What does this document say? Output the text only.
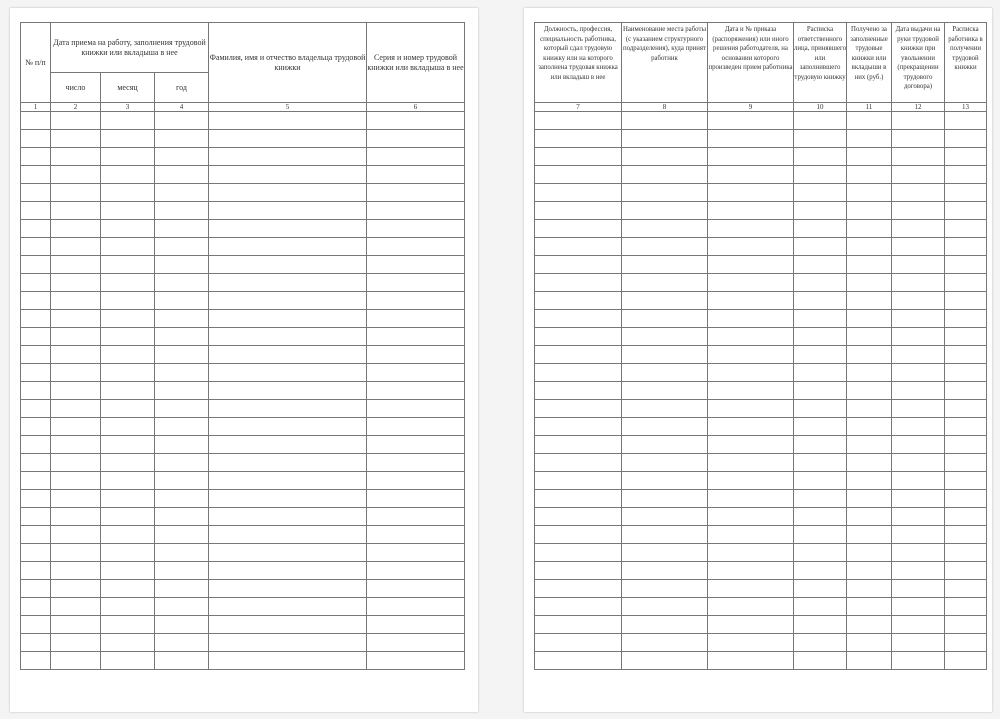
№ п/п	Дата приема на работу, заполнения трудовой книжки или вкладыша в нее			Фамилия, имя и отчество владельца трудовой книжки	Серия и номер трудовой книжки или вкладыша в нее
	число	месяц	год		
1	2	3	4	5	6

Должность, профессия, специальность работника, который сдал трудовую книжку или на которого заполнена трудовая книжка или вкладыш в нее	Наименование места работы (с указанием структурного подразделения), куда принят работник	Дата и № приказа (распоряжения) или иного решения работодателя, на основании которого произведен прием работника	Расписка ответственного лица, принявшего или заполнившего трудовую книжку	Получено за заполненные трудовые книжки или вкладыши в них (руб.)	Дата выдачи на руки трудовой книжки при увольнении (прекращении трудового договора)	Расписка работника в получении трудовой книжки
7	8	9	10	11	12	13
